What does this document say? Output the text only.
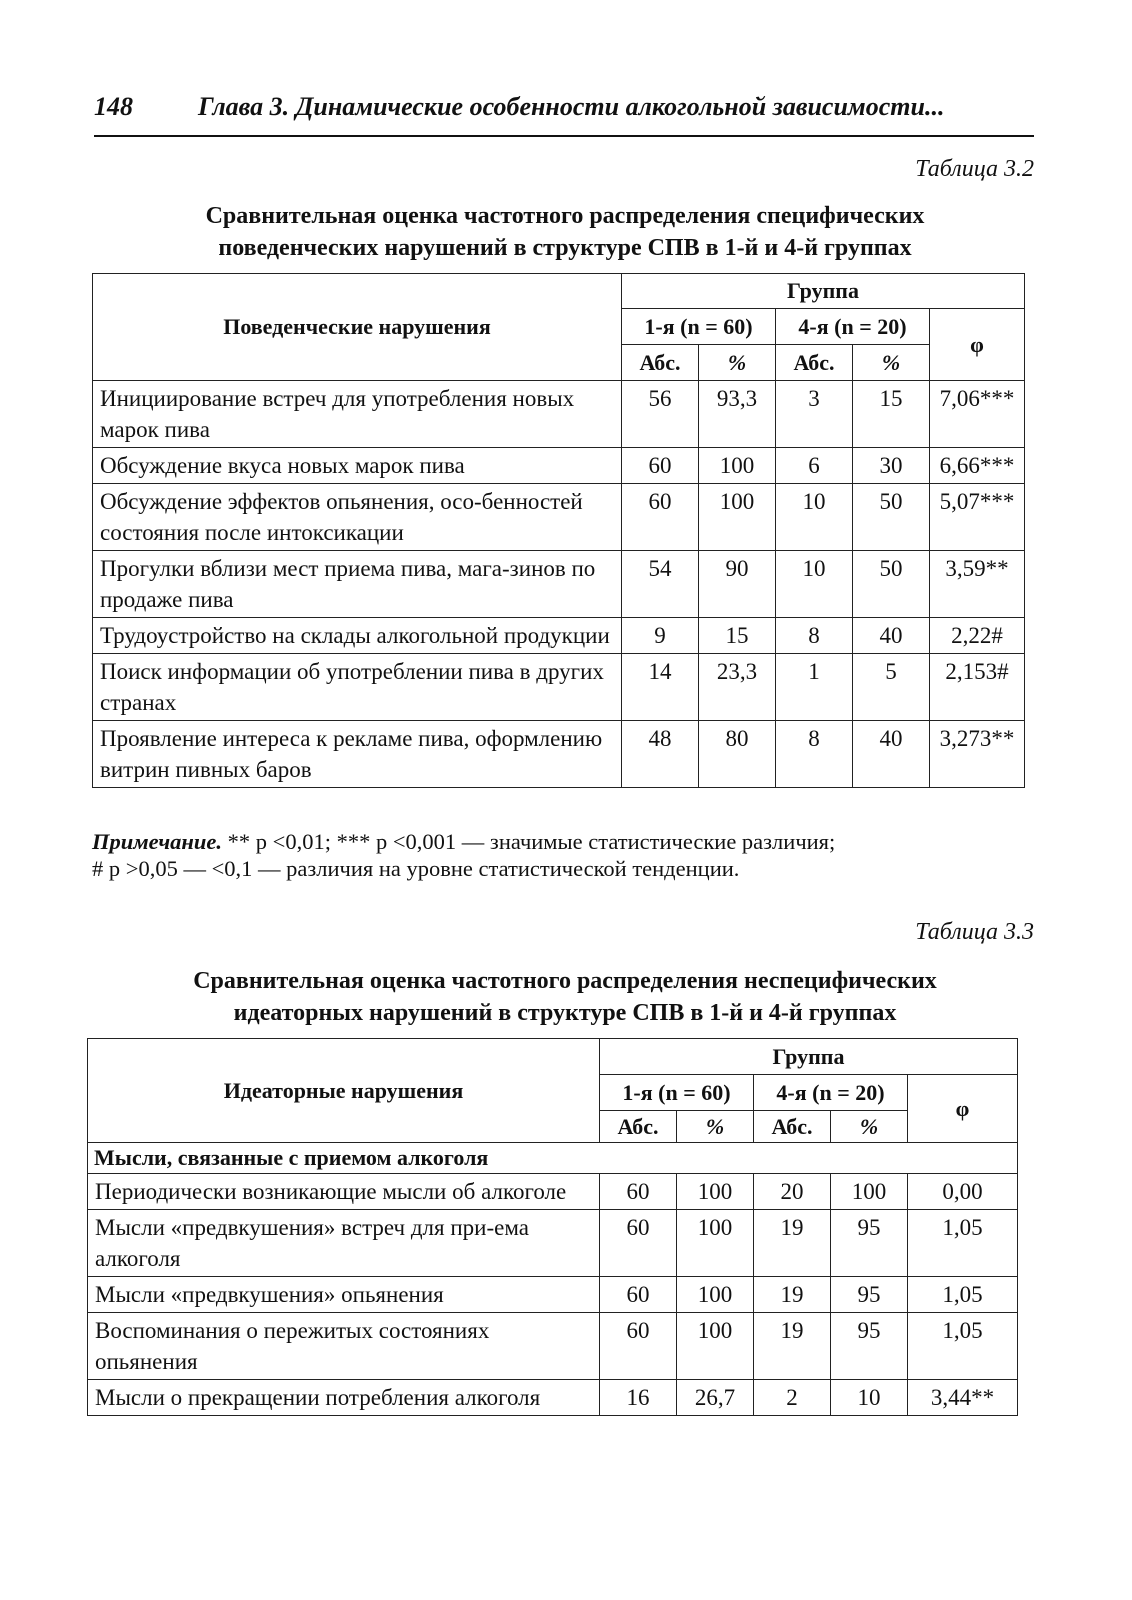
148	Глава 3. Динамические особенности алкогольной зависимости...
Таблица 3.2
Сравнительная оценка частотного распределения специфических
поведенческих нарушений в структуре СПВ в 1-й и 4-й группах
Поведенческие нарушения	Группа				
	1-я (n = 60)		4-я (n = 20)		φ
	Абс.	%	Абс.	%	
Инициирование встреч для употребления новых марок пива	56	93,3	3	15	7,06***
Обсуждение вкуса новых марок пива	60	100	6	30	6,66***
Обсуждение эффектов опьянения, осо-бенностей состояния после интоксикации	60	100	10	50	5,07***
Прогулки вблизи мест приема пива, мага-зинов по продаже пива	54	90	10	50	3,59**
Трудоустройство на склады алкогольной продукции	9	15	8	40	2,22#
Поиск информации об употреблении пива в других странах	14	23,3	1	5	2,153#
Проявление интереса к рекламе пива, оформлению витрин пивных баров	48	80	8	40	3,273**
Примечание. ** p <0,01; *** p <0,001 — значимые статистические различия;
# p >0,05 — <0,1 — различия на уровне статистической тенденции.
Таблица 3.3
Сравнительная оценка частотного распределения неспецифических
идеаторных нарушений в структуре СПВ в 1-й и 4-й группах
Идеаторные нарушения	Группа				
	1-я (n = 60)		4-я (n = 20)		φ
	Абс.	%	Абс.	%	
Мысли, связанные с приемом алкоголя					
Периодически возникающие мысли об алкоголе	60	100	20	100	0,00
Мысли «предвкушения» встреч для при-ема алкоголя	60	100	19	95	1,05
Мысли «предвкушения» опьянения	60	100	19	95	1,05
Воспоминания о пережитых состояниях опьянения	60	100	19	95	1,05
Мысли о прекращении потребления алкоголя	16	26,7	2	10	3,44**
